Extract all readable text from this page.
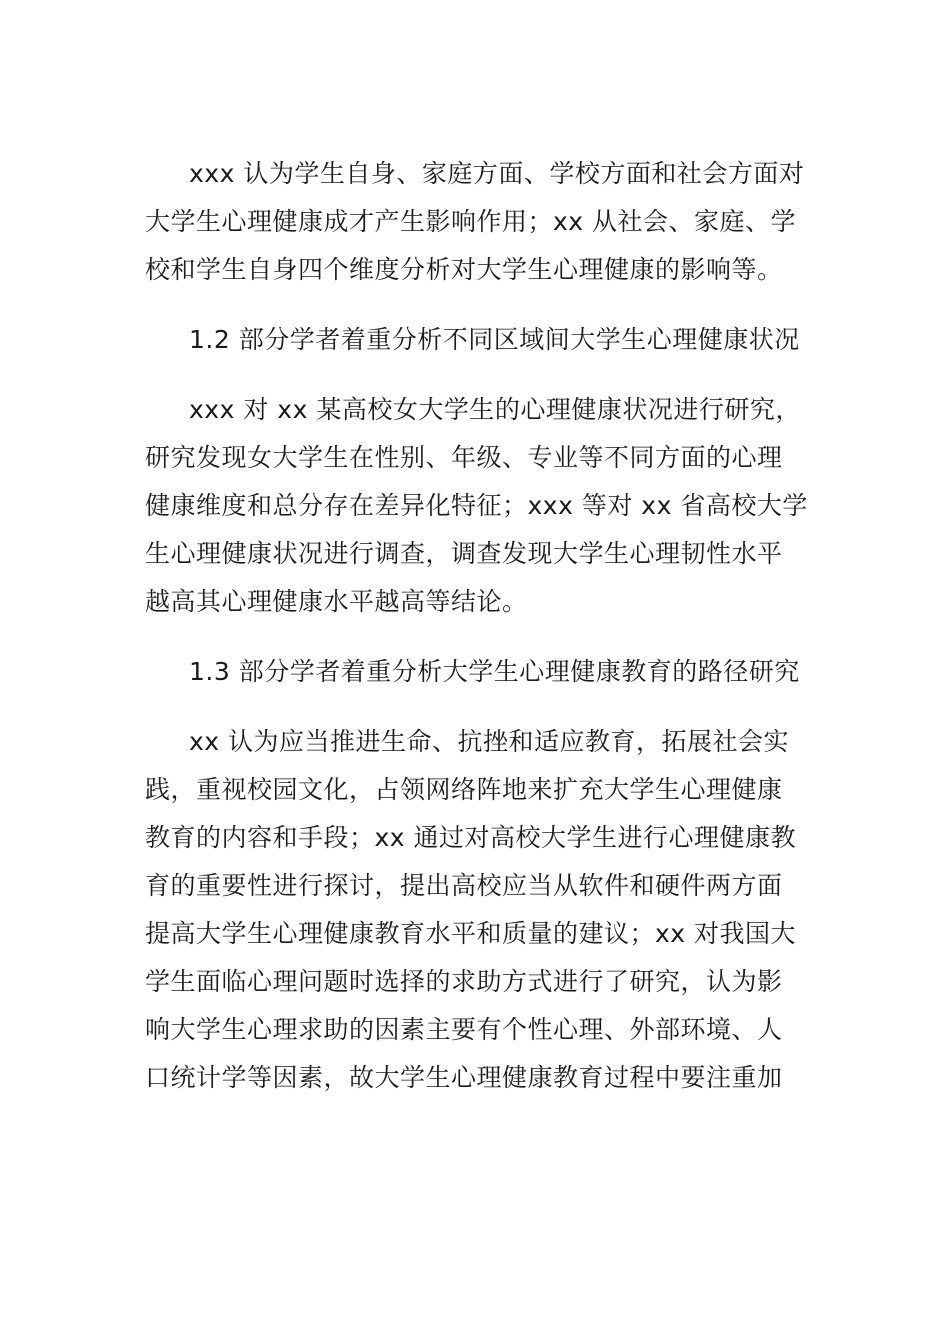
xxx 认为学生自身、家庭方面、学校方面和社会方面对
大学生心理健康成才产生影响作用；xx 从社会、家庭、学
校和学生自身四个维度分析对大学生心理健康的影响等。
1.2 部分学者着重分析不同区域间大学生心理健康状况
xxx 对 xx 某高校女大学生的心理健康状况进行研究，
研究发现女大学生在性别、年级、专业等不同方面的心理
健康维度和总分存在差异化特征；xxx 等对 xx 省高校大学
生心理健康状况进行调查，调查发现大学生心理韧性水平
越高其心理健康水平越高等结论。
1.3 部分学者着重分析大学生心理健康教育的路径研究
xx 认为应当推进生命、抗挫和适应教育，拓展社会实
践，重视校园文化，占领网络阵地来扩充大学生心理健康
教育的内容和手段；xx 通过对高校大学生进行心理健康教
育的重要性进行探讨，提出高校应当从软件和硬件两方面
提高大学生心理健康教育水平和质量的建议；xx 对我国大
学生面临心理问题时选择的求助方式进行了研究，认为影
响大学生心理求助的因素主要有个性心理、外部环境、人
口统计学等因素，故大学生心理健康教育过程中要注重加
